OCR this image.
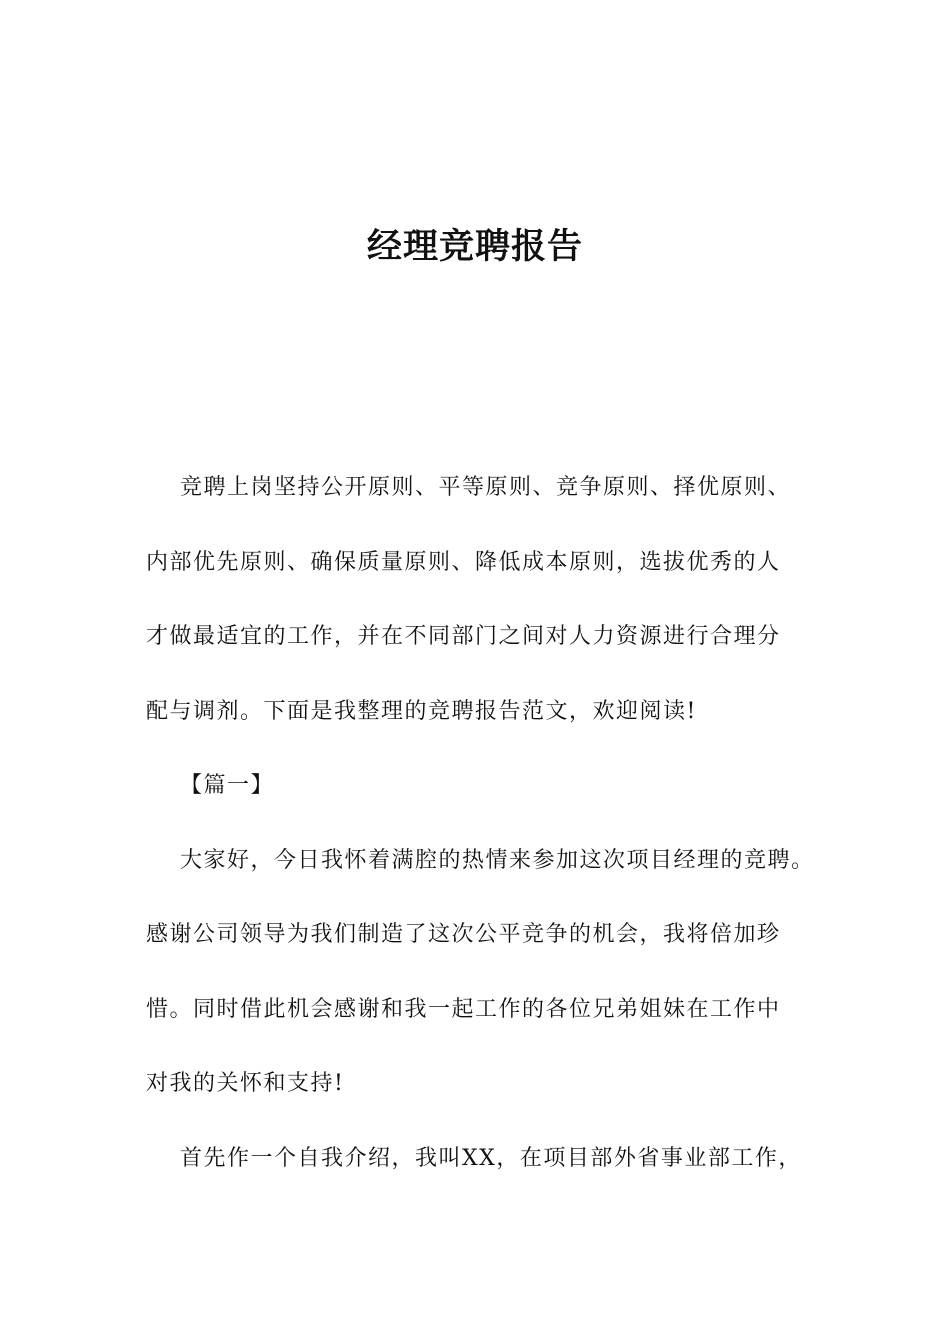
经理竞聘报告

竞聘上岗坚持公开原则、平等原则、竞争原则、择优原则、
内部优先原则、确保质量原则、降低成本原则，选拔优秀的人
才做最适宜的工作，并在不同部门之间对人力资源进行合理分
配与调剂。下面是我整理的竞聘报告范文，欢迎阅读!

【篇一】

大家好，今日我怀着满腔的热情来参加这次项目经理的竞聘。
感谢公司领导为我们制造了这次公平竞争的机会，我将倍加珍
惜。同时借此机会感谢和我一起工作的各位兄弟姐妹在工作中
对我的关怀和支持!

首先作一个自我介绍，我叫XX，在项目部外省事业部工作，
